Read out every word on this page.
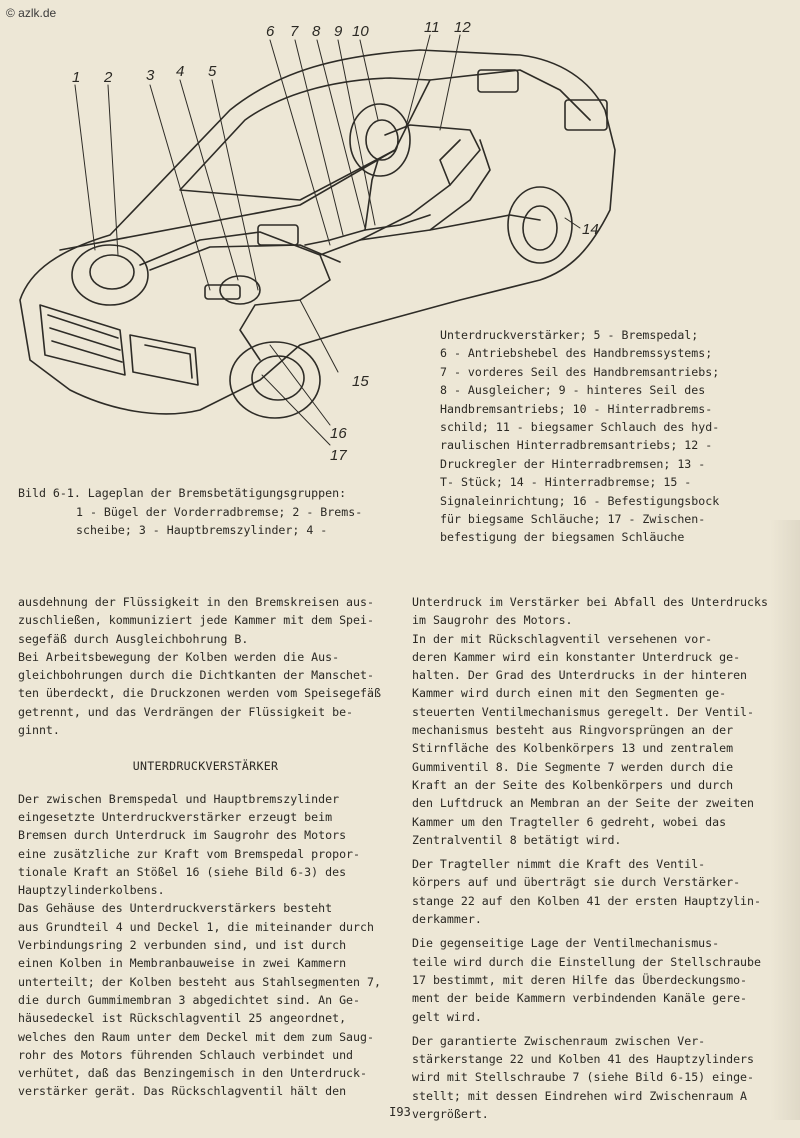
© azlk.de
1 2 3 4 5
6 7 8 9 10	11 12
14
15
16
17
Unterdruckverstärker; 5 - Bremspedal;
6 - Antriebshebel des Handbremssystems;
7 - vorderes Seil des Handbremsantriebs;
8 - Ausgleicher; 9 - hinteres Seil des
Handbremsantriebs; 10 - Hinterradbrems-
schild; 11 - biegsamer Schlauch des hyd-
raulischen Hinterradbremsantriebs; 12 -
Druckregler der Hinterradbremsen; 13 -
T- Stück; 14 - Hinterradbremse; 15 -
Signaleinrichtung; 16 - Befestigungsbock
für biegsame Schläuche; 17 - Zwischen-
befestigung der biegsamen Schläuche
Bild 6-1. Lageplan der Bremsbetätigungsgruppen:
1 - Bügel der Vorderradbremse; 2 - Brems-
scheibe; 3 - Hauptbremszylinder; 4 -

ausdehnung der Flüssigkeit in den Bremskreisen aus-
zuschließen, kommuniziert jede Kammer mit dem Spei-
segefäß durch Ausgleichbohrung B.

Bei Arbeitsbewegung der Kolben werden die Aus-
gleichbohrungen durch die Dichtkanten der Manschet-
ten überdeckt, die Druckzonen werden vom Speisegefäß
getrennt, und das Verdrängen der Flüssigkeit be-
ginnt.

UNTERDRUCKVERSTÄRKER

Der zwischen Bremspedal und Hauptbremszylinder
eingesetzte Unterdruckverstärker erzeugt beim
Bremsen durch Unterdruck im Saugrohr des Motors
eine zusätzliche zur Kraft vom Bremspedal propor-
tionale Kraft an Stößel 16 (siehe Bild 6-3) des
Hauptzylinderkolbens.

Das Gehäuse des Unterdruckverstärkers besteht
aus Grundteil 4 und Deckel 1, die miteinander durch
Verbindungsring 2 verbunden sind, und ist durch
einen Kolben in Membranbauweise in zwei Kammern
unterteilt; der Kolben besteht aus Stahlsegmenten 7,
die durch Gummimembran 3 abgedichtet sind. An Ge-
häusedeckel ist Rückschlagventil 25 angeordnet,
welches den Raum unter dem Deckel mit dem zum Saug-
rohr des Motors führenden Schlauch verbindet und
verhütet, daß das Benzingemisch in den Unterdruck-
verstärker gerät. Das Rückschlagventil hält den

Unterdruck im Verstärker bei Abfall des Unterdrucks
im Saugrohr des Motors.

In der mit Rückschlagventil versehenen vor-
deren Kammer wird ein konstanter Unterdruck ge-
halten. Der Grad des Unterdrucks in der hinteren
Kammer wird durch einen mit den Segmenten ge-
steuerten Ventilmechanismus geregelt. Der Ventil-
mechanismus besteht aus Ringvorsprüngen an der
Stirnfläche des Kolbenkörpers 13 und zentralem
Gummiventil 8. Die Segmente 7 werden durch die
Kraft an der Seite des Kolbenkörpers und durch
den Luftdruck an Membran an der Seite der zweiten
Kammer um den Tragteller 6 gedreht, wobei das
Zentralventil 8 betätigt wird.

Der Tragteller nimmt die Kraft des Ventil-
körpers auf und überträgt sie durch Verstärker-
stange 22 auf den Kolben 41 der ersten Hauptzylin-
derkammer.

Die gegenseitige Lage der Ventilmechanismus-
teile wird durch die Einstellung der Stellschraube
17 bestimmt, mit deren Hilfe das Überdeckungsmo-
ment der beide Kammern verbindenden Kanäle gere-
gelt wird.

Der garantierte Zwischenraum zwischen Ver-
stärkerstange 22 und Kolben 41 des Hauptzylinders
wird mit Stellschraube 7 (siehe Bild 6-15) einge-
stellt; mit dessen Eindrehen wird Zwischenraum A
vergrößert.

I93
